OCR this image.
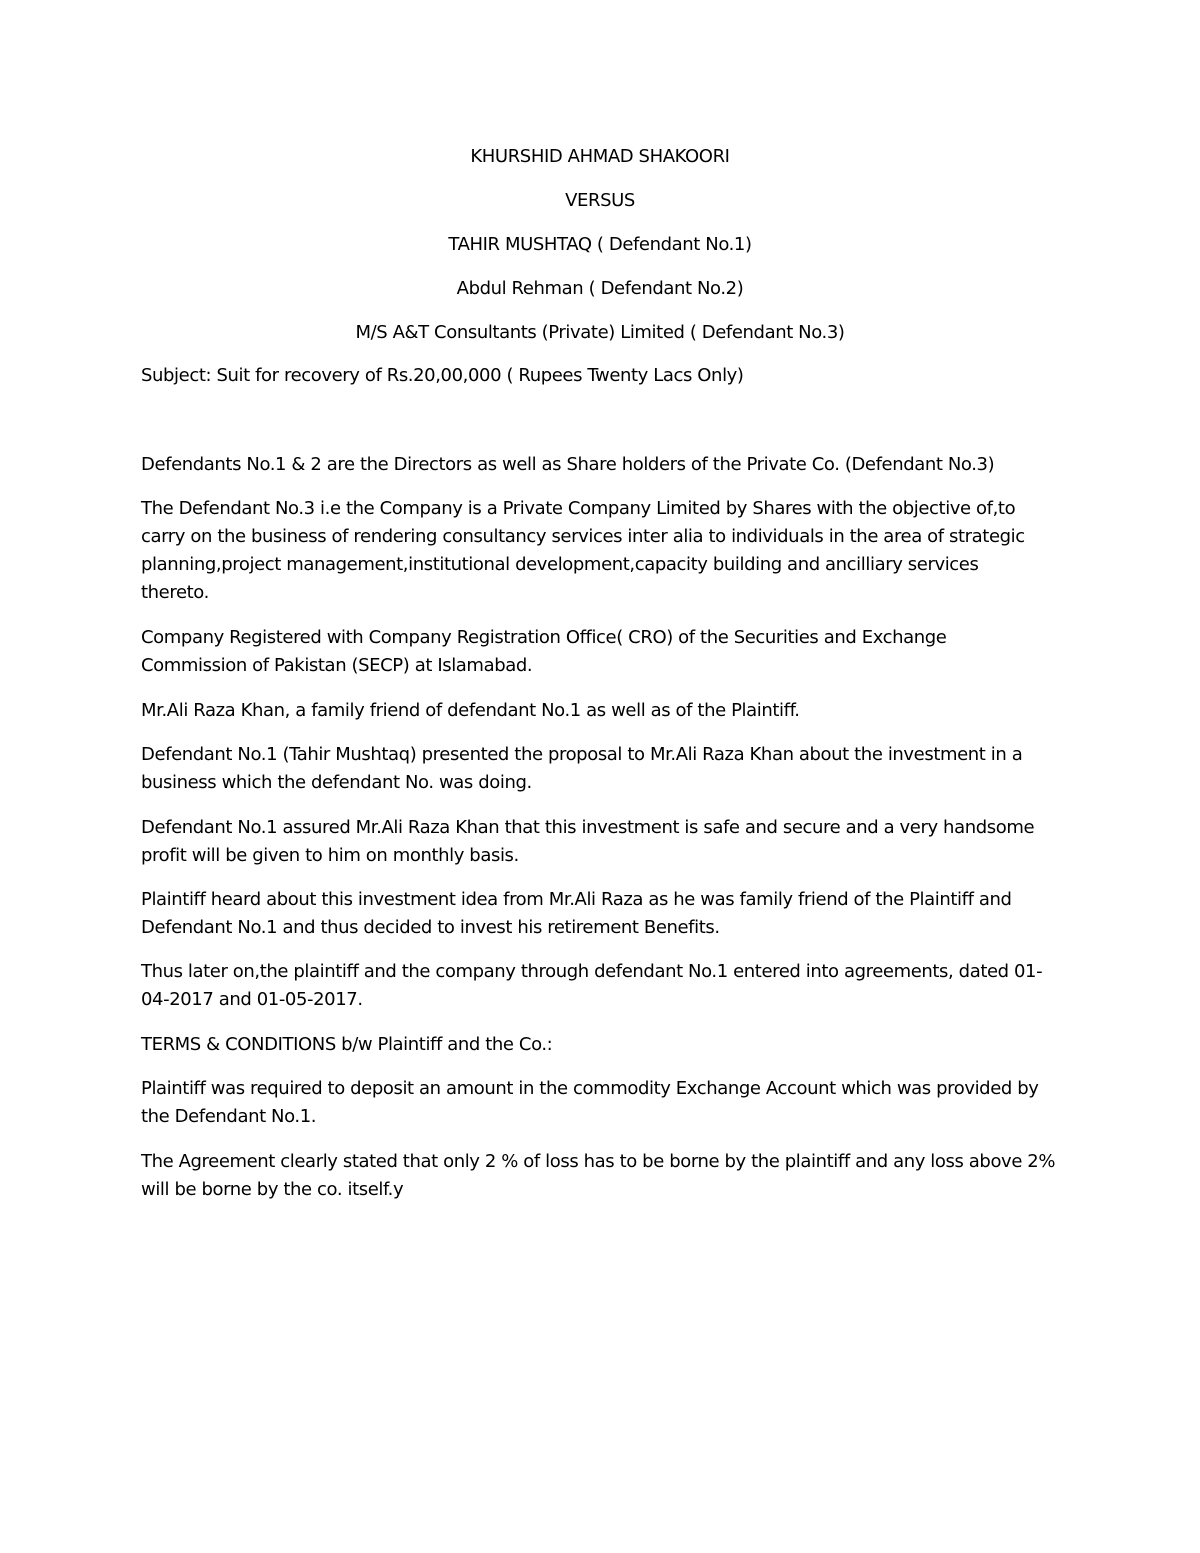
KHURSHID AHMAD SHAKOORI
VERSUS
TAHIR MUSHTAQ ( Defendant No.1)
Abdul Rehman ( Defendant No.2)
M/S A&T Consultants (Private) Limited ( Defendant No.3)
Subject: Suit for recovery of Rs.20,00,000 ( Rupees Twenty Lacs Only)
Defendants No.1 & 2 are the Directors as well as Share holders of the Private Co. (Defendant No.3)
The Defendant No.3 i.e the Company is a Private Company Limited by Shares with the objective of,to
carry on the business of rendering consultancy services inter alia to individuals in the area of strategic
planning,project management,institutional development,capacity building and ancilliary services
thereto.
Company Registered with Company Registration Office( CRO) of the Securities and Exchange
Commission of Pakistan (SECP) at Islamabad.
Mr.Ali Raza Khan, a family friend of defendant No.1 as well as of the Plaintiff.
Defendant No.1 (Tahir Mushtaq) presented the proposal to Mr.Ali Raza Khan about the investment in a
business which the defendant No. was doing.
Defendant No.1 assured Mr.Ali Raza Khan that this investment is safe and secure and a very handsome
profit will be given to him on monthly basis.
Plaintiff heard about this investment idea from Mr.Ali Raza as he was family friend of the Plaintiff and
Defendant No.1 and thus decided to invest his retirement Benefits.
Thus later on,the plaintiff and the company through defendant No.1 entered into agreements, dated 01-
04-2017 and 01-05-2017.
TERMS & CONDITIONS b/w Plaintiff and the Co.:
Plaintiff was required to deposit an amount in the commodity Exchange Account which was provided by
the Defendant No.1.
The Agreement clearly stated that only 2 % of loss has to be borne by the plaintiff and any loss above 2%
will be borne by the co. itself.y
